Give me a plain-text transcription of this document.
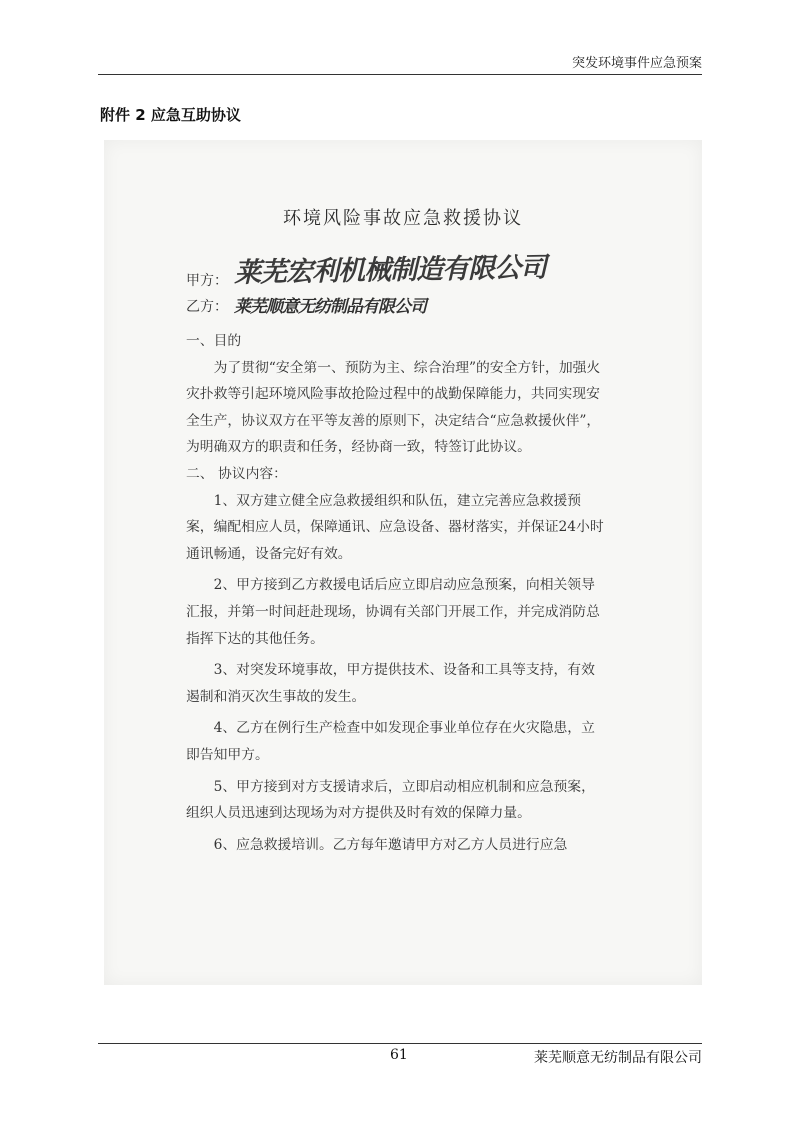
突发环境事件应急预案
附件 2 应急互助协议
环境风险事故应急救援协议
甲方： 莱芜宏利机械制造有限公司
乙方： 莱芜顺意无纺制品有限公司

一、目的

为了贯彻“安全第一、预防为主、综合治理”的安全方针，加强火灾扑救等引起环境风险事故抢险过程中的战勤保障能力，共同实现安全生产，协议双方在平等友善的原则下，决定结合“应急救援伙伴”，为明确双方的职责和任务，经协商一致，特签订此协议。

二、 协议内容：

1、双方建立健全应急救援组织和队伍，建立完善应急救援预案，编配相应人员，保障通讯、应急设备、器材落实，并保证24小时通讯畅通，设备完好有效。

2、甲方接到乙方救援电话后应立即启动应急预案，向相关领导汇报，并第一时间赶赴现场，协调有关部门开展工作，并完成消防总指挥下达的其他任务。

3、对突发环境事故，甲方提供技术、设备和工具等支持，有效遏制和消灭次生事故的发生。

4、乙方在例行生产检查中如发现企事业单位存在火灾隐患，立即告知甲方。

5、甲方接到对方支援请求后，立即启动相应机制和应急预案，组织人员迅速到达现场为对方提供及时有效的保障力量。

6、应急救援培训。乙方每年邀请甲方对乙方人员进行应急

61	莱芜顺意无纺制品有限公司
